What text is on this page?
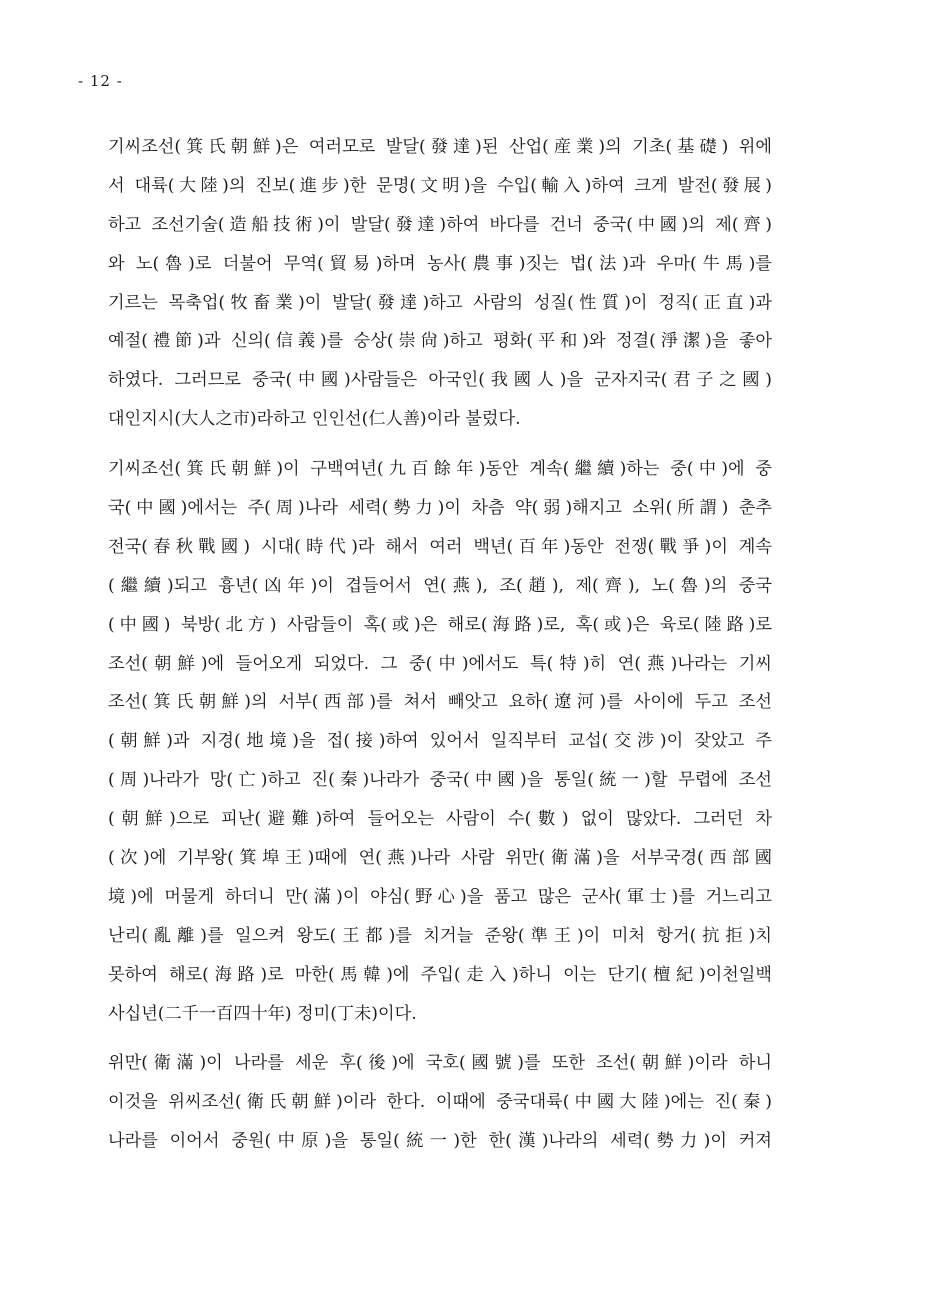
- 12 -
기씨조선(箕氏朝鮮)은 여러모로 발달(發達)된 산업(産業)의 기초(基礎) 위에
서 대륙(大陸)의 진보(進步)한 문명(文明)을 수입(輸入)하여 크게 발전(發展)
하고 조선기술(造船技術)이 발달(發達)하여 바다를 건너 중국(中國)의 제(齊)
와 노(魯)로 더불어 무역(貿易)하며 농사(農事)짓는 법(法)과 우마(牛馬)를
기르는 목축업(牧畜業)이 발달(發達)하고 사람의 성질(性質)이 정직(正直)과
예절(禮節)과 신의(信義)를 숭상(崇尙)하고 평화(平和)와 정결(淨潔)을 좋아
하였다. 그러므로 중국(中國)사람들은 아국인(我國人)을 군자지국(君子之國)
대인지시(大人之市)라하고 인인선(仁人善)이라 불렀다.
기씨조선(箕氏朝鮮)이 구백여년(九百餘年)동안 계속(繼續)하는 중(中)에 중
국(中國)에서는 주(周)나라 세력(勢力)이 차츰 약(弱)해지고 소위(所謂) 춘추
전국(春秋戰國) 시대(時代)라 해서 여러 백년(百年)동안 전쟁(戰爭)이 계속
(繼續)되고 흉년(凶年)이 겹들어서 연(燕), 조(趙), 제(齊), 노(魯)의 중국
(中國) 북방(北方) 사람들이 혹(或)은 해로(海路)로, 혹(或)은 육로(陸路)로
조선(朝鮮)에 들어오게 되었다. 그 중(中)에서도 특(特)히 연(燕)나라는 기씨
조선(箕氏朝鮮)의 서부(西部)를 쳐서 빼앗고 요하(遼河)를 사이에 두고 조선
(朝鮮)과 지경(地境)을 접(接)하여 있어서 일직부터 교섭(交涉)이 잦았고 주
(周)나라가 망(亡)하고 진(秦)나라가 중국(中國)을 통일(統一)할 무렵에 조선
(朝鮮)으로 피난(避難)하여 들어오는 사람이 수(數) 없이 많았다. 그러던 차
(次)에 기부왕(箕埠王)때에 연(燕)나라 사람 위만(衛滿)을 서부국경(西部國
境)에 머물게 하더니 만(滿)이 야심(野心)을 품고 많은 군사(軍士)를 거느리고
난리(亂離)를 일으켜 왕도(王都)를 치거늘 준왕(準王)이 미처 항거(抗拒)치
못하여 해로(海路)로 마한(馬韓)에 주입(走入)하니 이는 단기(檀紀)이천일백
사십년(二千一百四十年) 정미(丁未)이다.
위만(衛滿)이 나라를 세운 후(後)에 국호(國號)를 또한 조선(朝鮮)이라 하니
이것을 위씨조선(衛氏朝鮮)이라 한다. 이때에 중국대륙(中國大陸)에는 진(秦)
나라를 이어서 중원(中原)을 통일(統一)한 한(漢)나라의 세력(勢力)이 커져
